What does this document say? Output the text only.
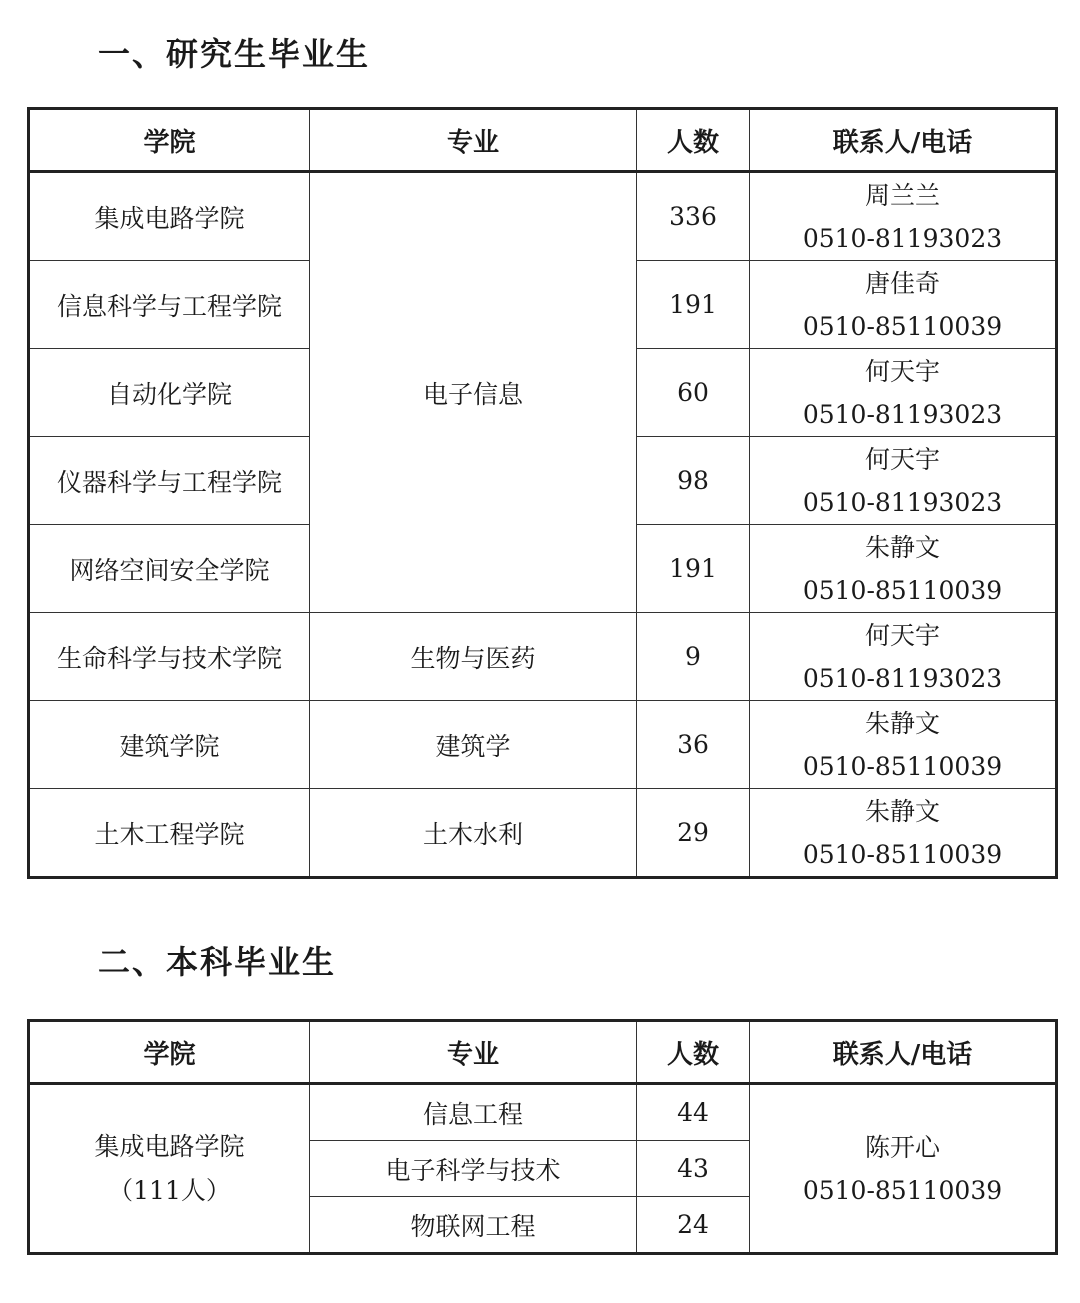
一、研究生毕业生
学院	专业	人数	联系人/电话
集成电路学院	电子信息	336	周兰兰
0510-81193023

信息科学与工程学院		191	唐佳奇
0510-85110039

自动化学院		60	何天宇
0510-81193023

仪器科学与工程学院		98	何天宇
0510-81193023

网络空间安全学院		191	朱静文
0510-85110039

生命科学与技术学院	生物与医药	9	何天宇
0510-81193023

建筑学院	建筑学	36	朱静文
0510-85110039

土木工程学院	土木水利	29	朱静文
0510-85110039
二、本科毕业生
学院	专业	人数	联系人/电话

集成电路学院
（111人）	信息工程	44	陈开心
0510-85110039

	电子科学与技术	43	
	物联网工程	24	
